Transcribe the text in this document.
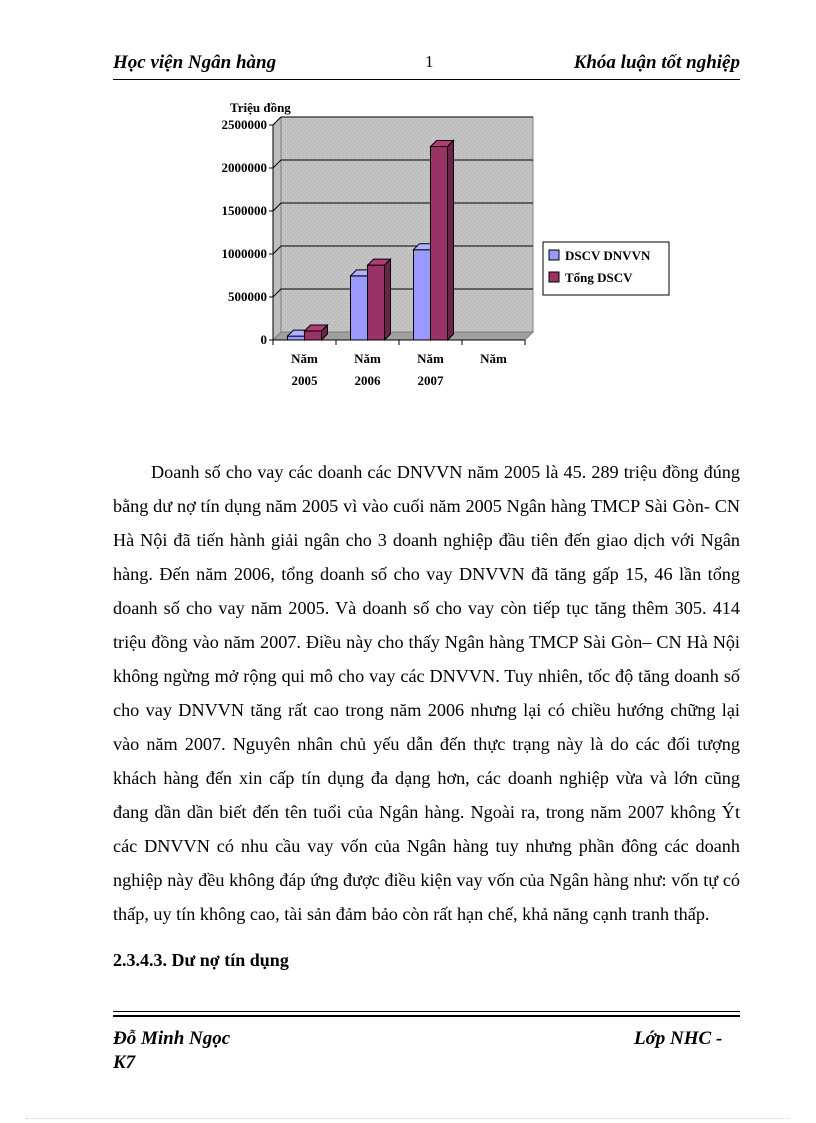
Học viện Ngân hàng	1	Khóa luận tốt nghiệp
2500000
2000000
1500000
1000000
500000
0
Năm
2005
Năm
2006
Năm
2007
Năm
Triệu đồng
DSCV DNVVN
Tổng DSCV

Doanh số cho vay các doanh các DNVVN năm 2005 là 45. 289 triệu đồng đúng bằng dư nợ tín dụng năm 2005 vì vào cuối năm 2005 Ngân hàng TMCP Sài Gòn- CN Hà Nội đã tiến hành giải ngân cho 3 doanh nghiệp đầu tiên đến giao dịch với Ngân hàng. Đến năm 2006, tổng doanh số cho vay DNVVN đã tăng gấp 15, 46 lần tổng doanh số cho vay năm 2005. Và doanh số cho vay còn tiếp tục tăng thêm 305. 414 triệu đồng vào năm 2007. Điều này cho thấy Ngân hàng TMCP Sài Gòn– CN Hà Nội không ngừng mở rộng qui mô cho vay các DNVVN. Tuy nhiên, tốc độ tăng doanh số cho vay DNVVN tăng rất cao trong năm 2006 nhưng lại có chiều hướng chững lại vào năm 2007. Nguyên nhân chủ yếu dẫn đến thực trạng này là do các đối tượng khách hàng đến xin cấp tín dụng đa dạng hơn, các doanh nghiệp vừa và lớn cũng đang dần dần biết đến tên tuổi của Ngân hàng. Ngoài ra, trong năm 2007 không Ýt các DNVVN có nhu cầu vay vốn của Ngân hàng tuy nhưng phần đông các doanh nghiệp này đều không đáp ứng được điều kiện vay vốn của Ngân hàng như: vốn tự có thấp, uy tín không cao, tài sản đảm bảo còn rất hạn chế, khả năng cạnh tranh thấp.

2.3.4.3. Dư nợ tín dụng
Đỗ Minh Ngọc
K7
Lớp NHC -
